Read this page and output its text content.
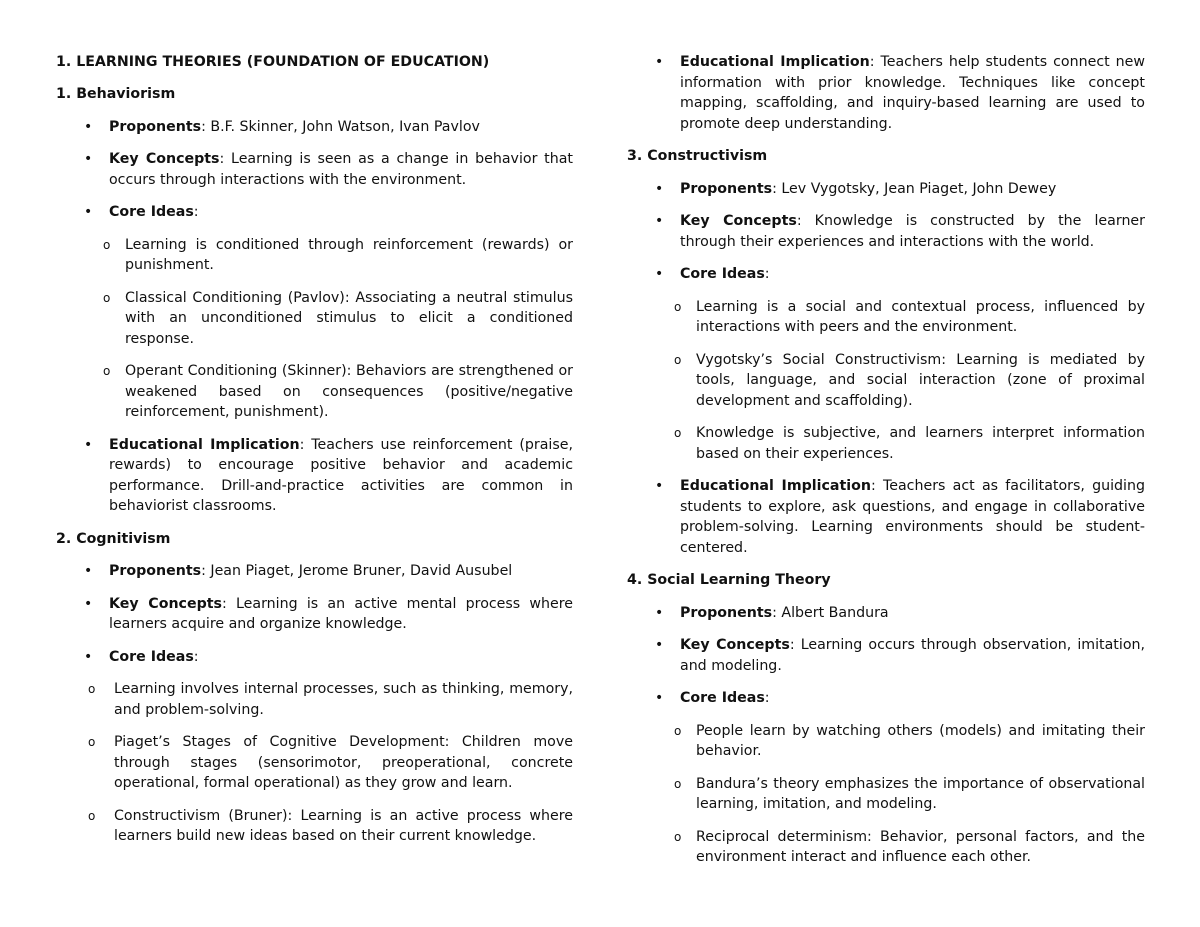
1. LEARNING THEORIES (FOUNDATION OF EDUCATION)
1. Behaviorism
• Proponents: B.F. Skinner, John Watson, Ivan Pavlov
• Key Concepts: Learning is seen as a change in behavior that occurs through interactions with the environment.
• Core Ideas:
o Learning is conditioned through reinforcement (rewards) or punishment.
o Classical Conditioning (Pavlov): Associating a neutral stimulus with an unconditioned stimulus to elicit a conditioned response.
o Operant Conditioning (Skinner): Behaviors are strengthened or weakened based on consequences (positive/negative reinforcement, punishment).
• Educational Implication: Teachers use reinforcement (praise, rewards) to encourage positive behavior and academic performance. Drill-and-practice activities are common in behaviorist classrooms.
2. Cognitivism
• Proponents: Jean Piaget, Jerome Bruner, David Ausubel
• Key Concepts: Learning is an active mental process where learners acquire and organize knowledge.
• Core Ideas:
o Learning involves internal processes, such as thinking, memory, and problem-solving.
o Piaget’s Stages of Cognitive Development: Children move through stages (sensorimotor, preoperational, concrete operational, formal operational) as they grow and learn.
o Constructivism (Bruner): Learning is an active process where learners build new ideas based on their current knowledge.
• Educational Implication: Teachers help students connect new information with prior knowledge. Techniques like concept mapping, scaffolding, and inquiry-based learning are used to promote deep understanding.
3. Constructivism
• Proponents: Lev Vygotsky, Jean Piaget, John Dewey
• Key Concepts: Knowledge is constructed by the learner through their experiences and interactions with the world.
• Core Ideas:
o Learning is a social and contextual process, influenced by interactions with peers and the environment.
o Vygotsky’s Social Constructivism: Learning is mediated by tools, language, and social interaction (zone of proximal development and scaffolding).
o Knowledge is subjective, and learners interpret information based on their experiences.
• Educational Implication: Teachers act as facilitators, guiding students to explore, ask questions, and engage in collaborative problem-solving. Learning environments should be student-centered.
4. Social Learning Theory
• Proponents: Albert Bandura
• Key Concepts: Learning occurs through observation, imitation, and modeling.
• Core Ideas:
o People learn by watching others (models) and imitating their behavior.
o Bandura’s theory emphasizes the importance of observational learning, imitation, and modeling.
o Reciprocal determinism: Behavior, personal factors, and the environment interact and influence each other.
